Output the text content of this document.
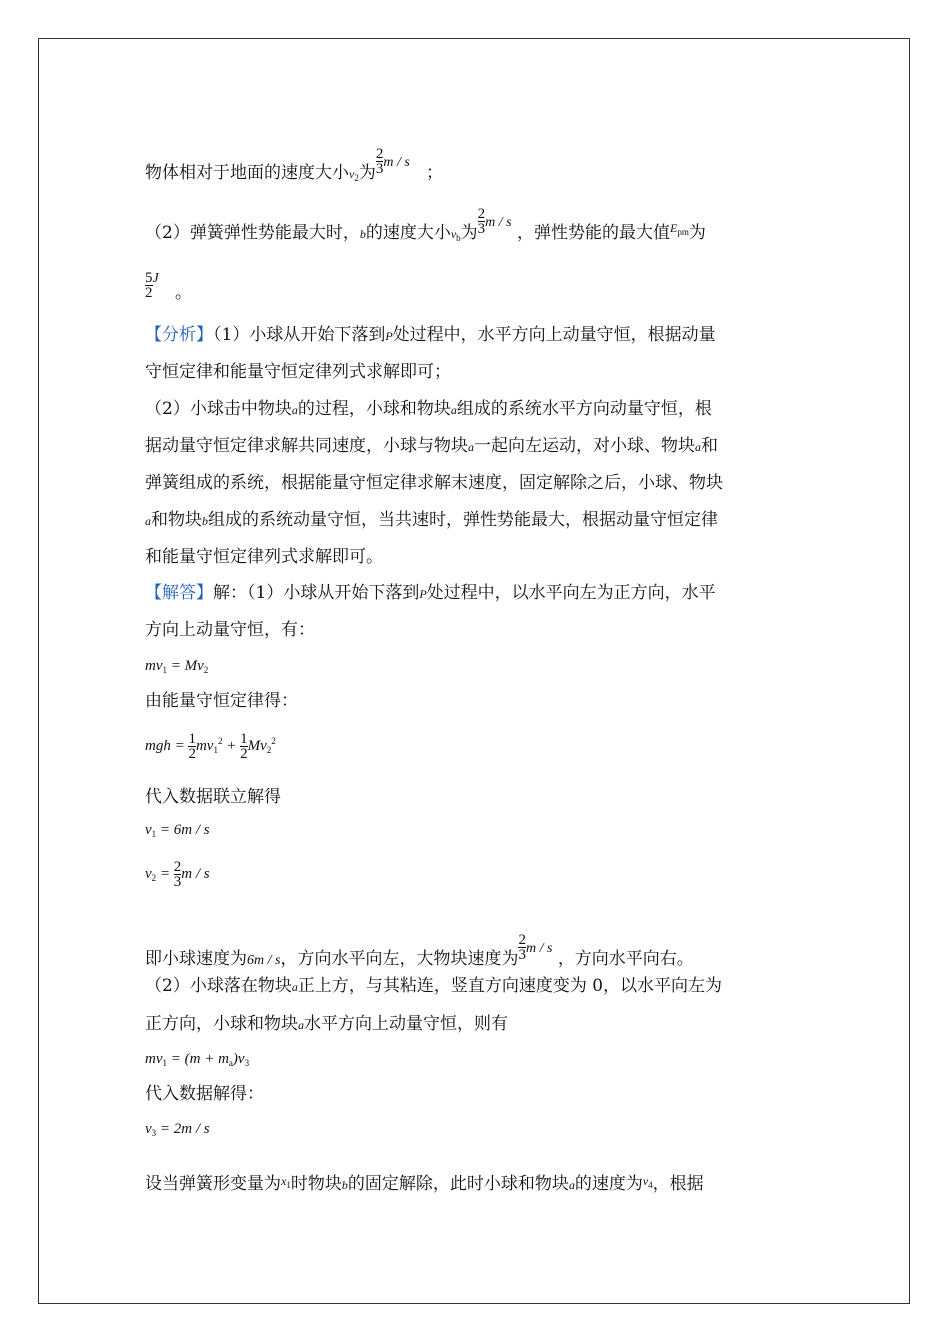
物体相对于地面的速度大小$v_2$为 $\frac{2}{3} ^{m / s}$   ；
（2）弹簧弹性势能最大时，b的速度大小$v_b$为 $\frac{2}{3} ^{m / s}$ ，弹性势能的最大值$^{E_{pm}}$为
$\frac{5}{2} ^J$   。
【分析】（1）小球从开始下落到P处过程中，水平方向上动量守恒，根据动量
守恒定律和能量守恒定律列式求解即可；
（2）小球击中物块a的过程，小球和物块a组成的系统水平方向动量守恒，根
据动量守恒定律求解共同速度，小球与物块a一起向左运动，对小球、物块a和
弹簧组成的系统，根据能量守恒定律求解末速度，固定解除之后，小球、物块
a和物块b组成的系统动量守恒，当共速时，弹性势能最大，根据动量守恒定律
和能量守恒定律列式求解即可。
【解答】解：（1）小球从开始下落到P处过程中，以水平向左为正方向，水平
方向上动量守恒，有：
$mv_1 = Mv_2$
由能量守恒定律得：
mgh = $\frac{1}{2} mv_1^2 + \frac{1}{2} Mv_2^2$
代入数据联立解得
$v_1 = 6m / s$
$v_2 = \frac{2}{3}$ m / s
即小球速度为6m / s，方向水平向左，大物块速度为 $\frac{2}{3} ^{m / s}$ ，方向水平向右。
（2）小球落在物块a正上方，与其粘连，竖直方向速度变为 0，以水平向左为
正方向，小球和物块a水平方向上动量守恒，则有
$mv_1 = (m + m_a)v_3$
代入数据解得：
$v_3 = 2m / s$
设当弹簧形变量为$^{x_1}$时物块b的固定解除，此时小球和物块a的速度为$^{v_4}$，根据
